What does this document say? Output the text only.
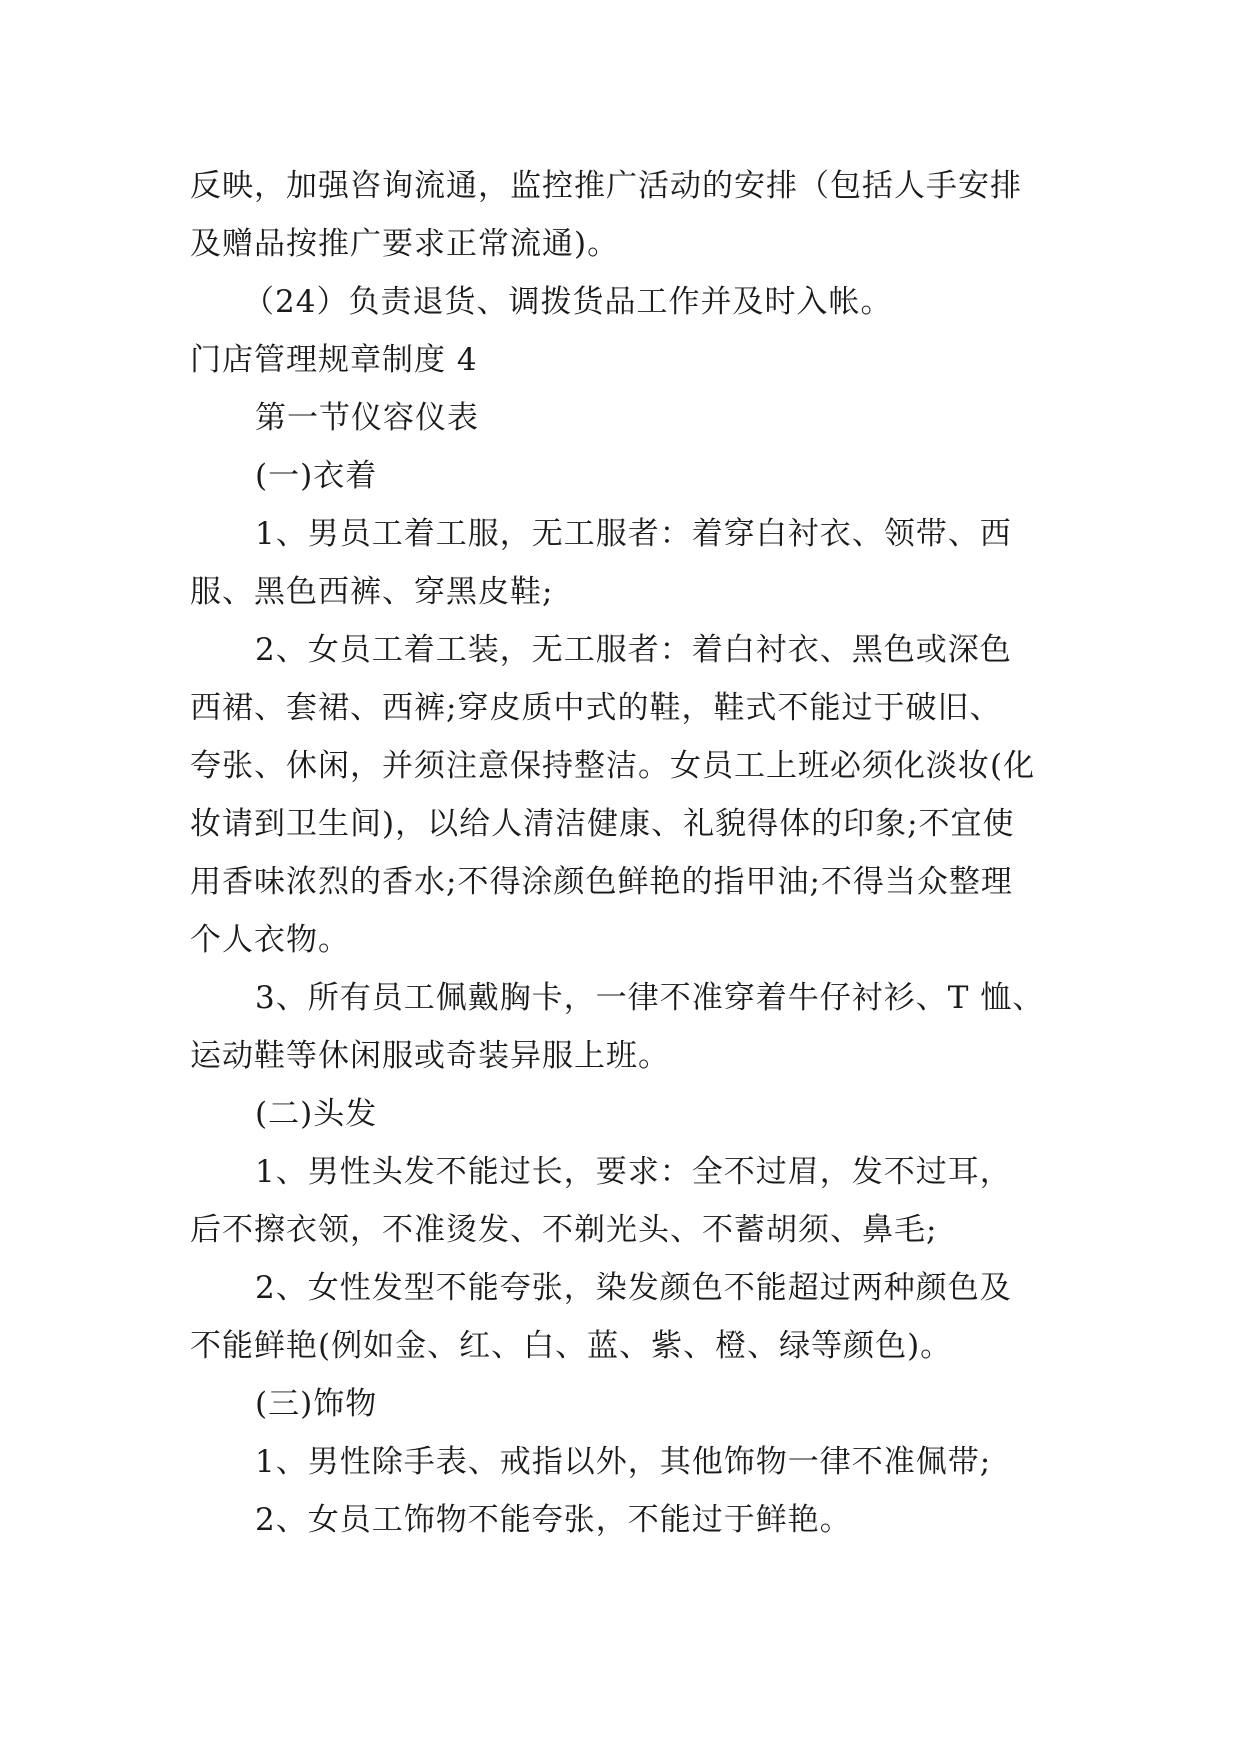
反映，加强咨询流通，监控推广活动的安排（包括人手安排

及赠品按推广要求正常流通)。

（24）负责退货、调拨货品工作并及时入帐。

门店管理规章制度 4

第一节仪容仪表

(一)衣着

1、男员工着工服，无工服者：着穿白衬衣、领带、西

服、黑色西裤、穿黑皮鞋;

2、女员工着工装，无工服者：着白衬衣、黑色或深色

西裙、套裙、西裤;穿皮质中式的鞋，鞋式不能过于破旧、

夸张、休闲，并须注意保持整洁。女员工上班必须化淡妆(化

妆请到卫生间)，以给人清洁健康、礼貌得体的印象;不宜使

用香味浓烈的香水;不得涂颜色鲜艳的指甲油;不得当众整理

个人衣物。

3、所有员工佩戴胸卡，一律不准穿着牛仔衬衫、T 恤、

运动鞋等休闲服或奇装异服上班。

(二)头发

1、男性头发不能过长，要求：全不过眉，发不过耳，

后不擦衣领，不准烫发、不剃光头、不蓄胡须、鼻毛;

2、女性发型不能夸张，染发颜色不能超过两种颜色及

不能鲜艳(例如金、红、白、蓝、紫、橙、绿等颜色)。

(三)饰物

1、男性除手表、戒指以外，其他饰物一律不准佩带;

2、女员工饰物不能夸张，不能过于鲜艳。
